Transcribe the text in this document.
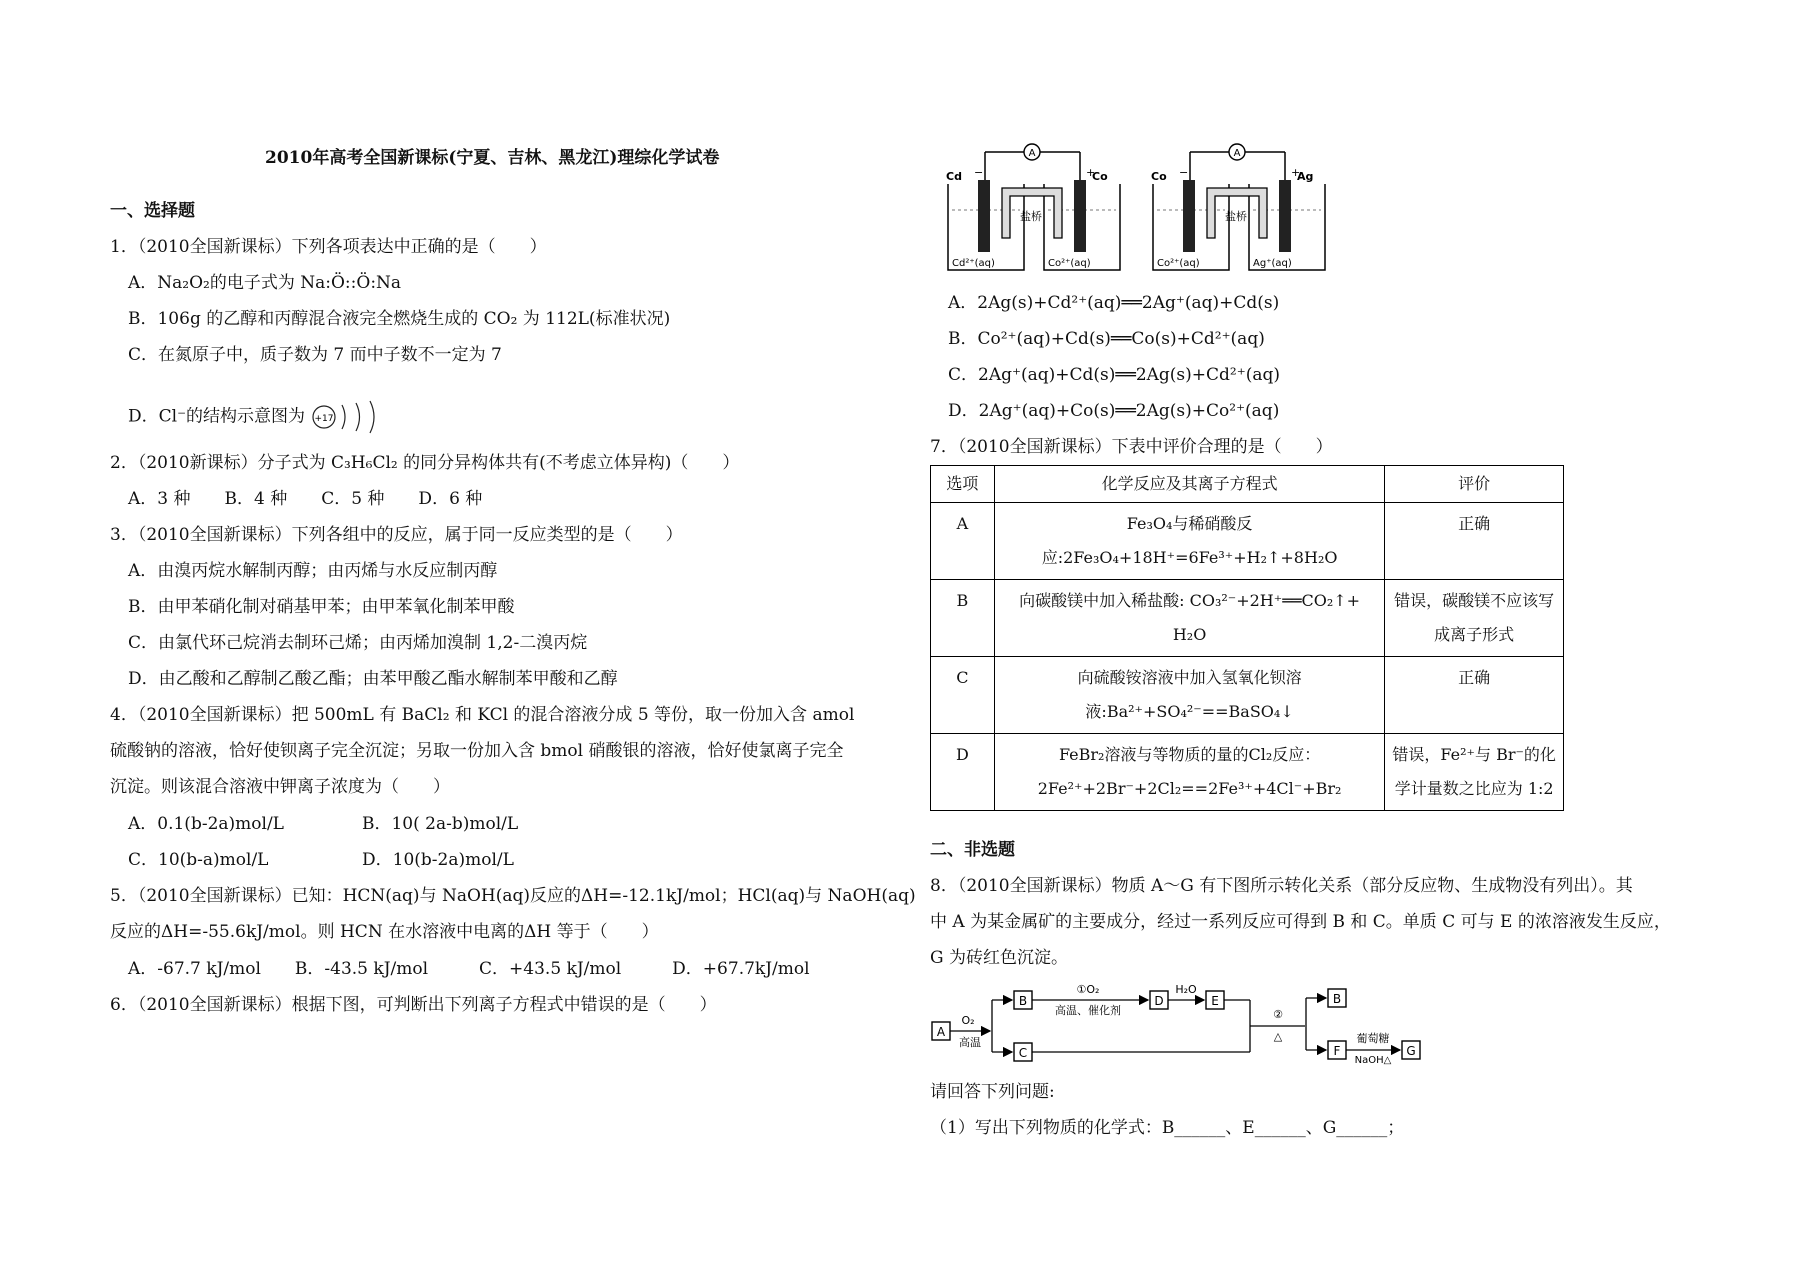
2010年高考全国新课标(宁夏、吉林、黑龙江)理综化学试卷
一、选择题
1．（2010全国新课标）下列各项表达中正确的是（　　）
A．Na₂O₂的电子式为 Na:Ö::Ö:Na
B．106g 的乙醇和丙醇混合液完全燃烧生成的 CO₂ 为 112L(标准状况)
C．在氮原子中，质子数为 7 而中子数不一定为 7
D．Cl⁻的结构示意图为 +17
2．（2010新课标）分子式为 C₃H₆Cl₂ 的同分异构体共有(不考虑立体异构)（　　）
A．3 种　　B．4 种　　C．5 种　　D．6 种
3．（2010全国新课标）下列各组中的反应，属于同一反应类型的是（　　）
A．由溴丙烷水解制丙醇；由丙烯与水反应制丙醇
B．由甲苯硝化制对硝基甲苯；由甲苯氧化制苯甲酸
C．由氯代环己烷消去制环己烯；由丙烯加溴制 1,2-二溴丙烷
D．由乙酸和乙醇制乙酸乙酯；由苯甲酸乙酯水解制苯甲酸和乙醇
4．（2010全国新课标）把 500mL 有 BaCl₂ 和 KCl 的混合溶液分成 5 等份，取一份加入含 amol
硫酸钠的溶液，恰好使钡离子完全沉淀；另取一份加入含 bmol 硝酸银的溶液，恰好使氯离子完全
沉淀。则该混合溶液中钾离子浓度为（　　）
A．0.1(b-2a)mol/L	B．10( 2a-b)mol/L
C．10(b-a)mol/L	D．10(b-2a)mol/L
5．（2010全国新课标）已知：HCN(aq)与 NaOH(aq)反应的ΔH=-12.1kJ/mol；HCl(aq)与 NaOH(aq)
反应的ΔH=-55.6kJ/mol。则 HCN 在水溶液中电离的ΔH 等于（　　）
A．-67.7 kJ/mol　　B．-43.5 kJ/mol　　　C．+43.5 kJ/mol　　　D．+67.7kJ/mol
6．（2010全国新课标）根据下图，可判断出下列离子方程式中错误的是（　　）
A
Cd	Co
−	+
盐桥
Cd²⁺(aq)	Co²⁺(aq)
A
Co	Ag
−	+
盐桥
Co²⁺(aq)	Ag⁺(aq)
A．2Ag(s)+Cd²⁺(aq)══2Ag⁺(aq)+Cd(s)
B．Co²⁺(aq)+Cd(s)══Co(s)+Cd²⁺(aq)
C．2Ag⁺(aq)+Cd(s)══2Ag(s)+Cd²⁺(aq)
D．2Ag⁺(aq)+Co(s)══2Ag(s)+Co²⁺(aq)
7．（2010全国新课标）下表中评价合理的是（　　）
选项	化学反应及其离子方程式	评价
A	Fe₃O₄与稀硝酸反应:2Fe₃O₄+18H⁺=6Fe³⁺+H₂↑+8H₂O	正确
B	向碳酸镁中加入稀盐酸: CO₃²⁻+2H⁺══CO₂↑+ H₂O	错误，碳酸镁不应该写成离子形式
C	向硫酸铵溶液中加入氢氧化钡溶液:Ba²⁺+SO₄²⁻==BaSO₄↓	正确
D	FeBr₂溶液与等物质的量的Cl₂反应：2Fe²⁺+2Br⁻+2Cl₂==2Fe³⁺+4Cl⁻+Br₂	错误，Fe²⁺与 Br⁻的化学计量数之比应为 1:2
二、非选题
8．（2010全国新课标）物质 A～G 有下图所示转化关系（部分反应物、生成物没有列出）。其
中 A 为某金属矿的主要成分，经过一系列反应可得到 B 和 C。单质 C 可与 E 的浓溶液发生反应，
G 为砖红色沉淀。
A
O₂
高温
B
C
①O₂
高温、催化剂
D
H₂O
E
②
△
B
F
葡萄糖
NaOH△
G
请回答下列问题:
（1）写出下列物质的化学式：B______、E______、G______；
